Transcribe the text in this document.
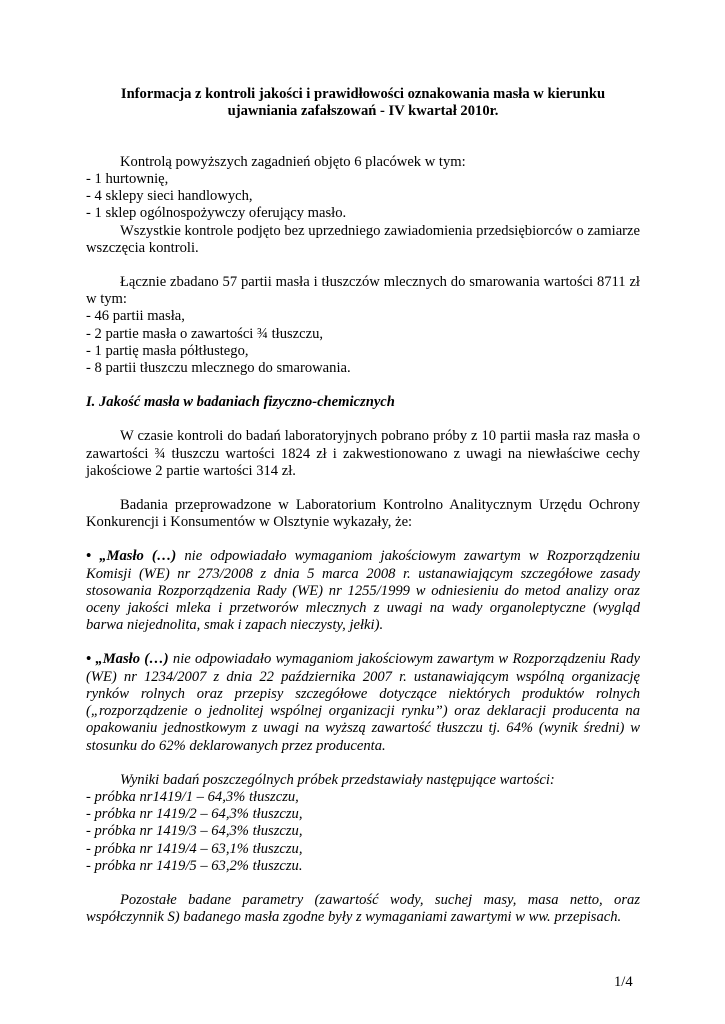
Informacja z kontroli jakości i prawidłowości oznakowania masła w kierunku ujawniania zafałszowań - IV kwartał 2010r.

Kontrolą powyższych zagadnień objęto 6 placówek w tym:

- 1 hurtownię,

- 4 sklepy sieci handlowych,

- 1 sklep ogólnospożywczy oferujący masło.

Wszystkie kontrole podjęto bez uprzedniego zawiadomienia przedsiębiorców o zamiarze wszczęcia kontroli.

Łącznie zbadano 57 partii masła i tłuszczów mlecznych do smarowania wartości 8711 zł w tym:

- 46 partii masła,

- 2 partie masła o zawartości ¾ tłuszczu,

- 1 partię masła półtłustego,

- 8 partii tłuszczu mlecznego do smarowania.

I. Jakość masła w badaniach fizyczno-chemicznych

W czasie kontroli do badań laboratoryjnych pobrano próby z 10 partii masła raz masła o zawartości ¾ tłuszczu wartości 1824 zł i zakwestionowano z uwagi na niewłaściwe cechy jakościowe 2 partie wartości 314 zł.

Badania przeprowadzone w Laboratorium Kontrolno Analitycznym Urzędu Ochrony Konkurencji i Konsumentów w Olsztynie wykazały, że:

• „Masło (…) nie odpowiadało wymaganiom jakościowym zawartym w Rozporządzeniu Komisji (WE) nr 273/2008 z dnia 5 marca 2008 r. ustanawiającym szczegółowe zasady stosowania Rozporządzenia Rady (WE) nr 1255/1999 w odniesieniu do metod analizy oraz oceny jakości mleka i przetworów mlecznych z uwagi na wady organoleptyczne (wygląd barwa niejednolita, smak i zapach nieczysty, jełki).

• „Masło (…) nie odpowiadało wymaganiom jakościowym zawartym w Rozporządzeniu Rady (WE) nr 1234/2007 z dnia 22 października 2007 r. ustanawiającym wspólną organizację rynków rolnych oraz przepisy szczegółowe dotyczące niektórych produktów rolnych („rozporządzenie o jednolitej wspólnej organizacji rynku”) oraz deklaracji producenta na opakowaniu jednostkowym z uwagi na wyższą zawartość tłuszczu tj. 64% (wynik średni) w stosunku do 62% deklarowanych przez producenta.

Wyniki badań poszczególnych próbek przedstawiały następujące wartości:

- próbka nr1419/1 – 64,3% tłuszczu,

- próbka nr 1419/2 – 64,3% tłuszczu,

- próbka nr 1419/3 – 64,3% tłuszczu,

- próbka nr 1419/4 – 63,1% tłuszczu,

- próbka nr 1419/5 – 63,2% tłuszczu.

Pozostałe badane parametry (zawartość wody, suchej masy, masa netto, oraz współczynnik S) badanego masła zgodne były z wymaganiami zawartymi w ww. przepisach.

1/4
